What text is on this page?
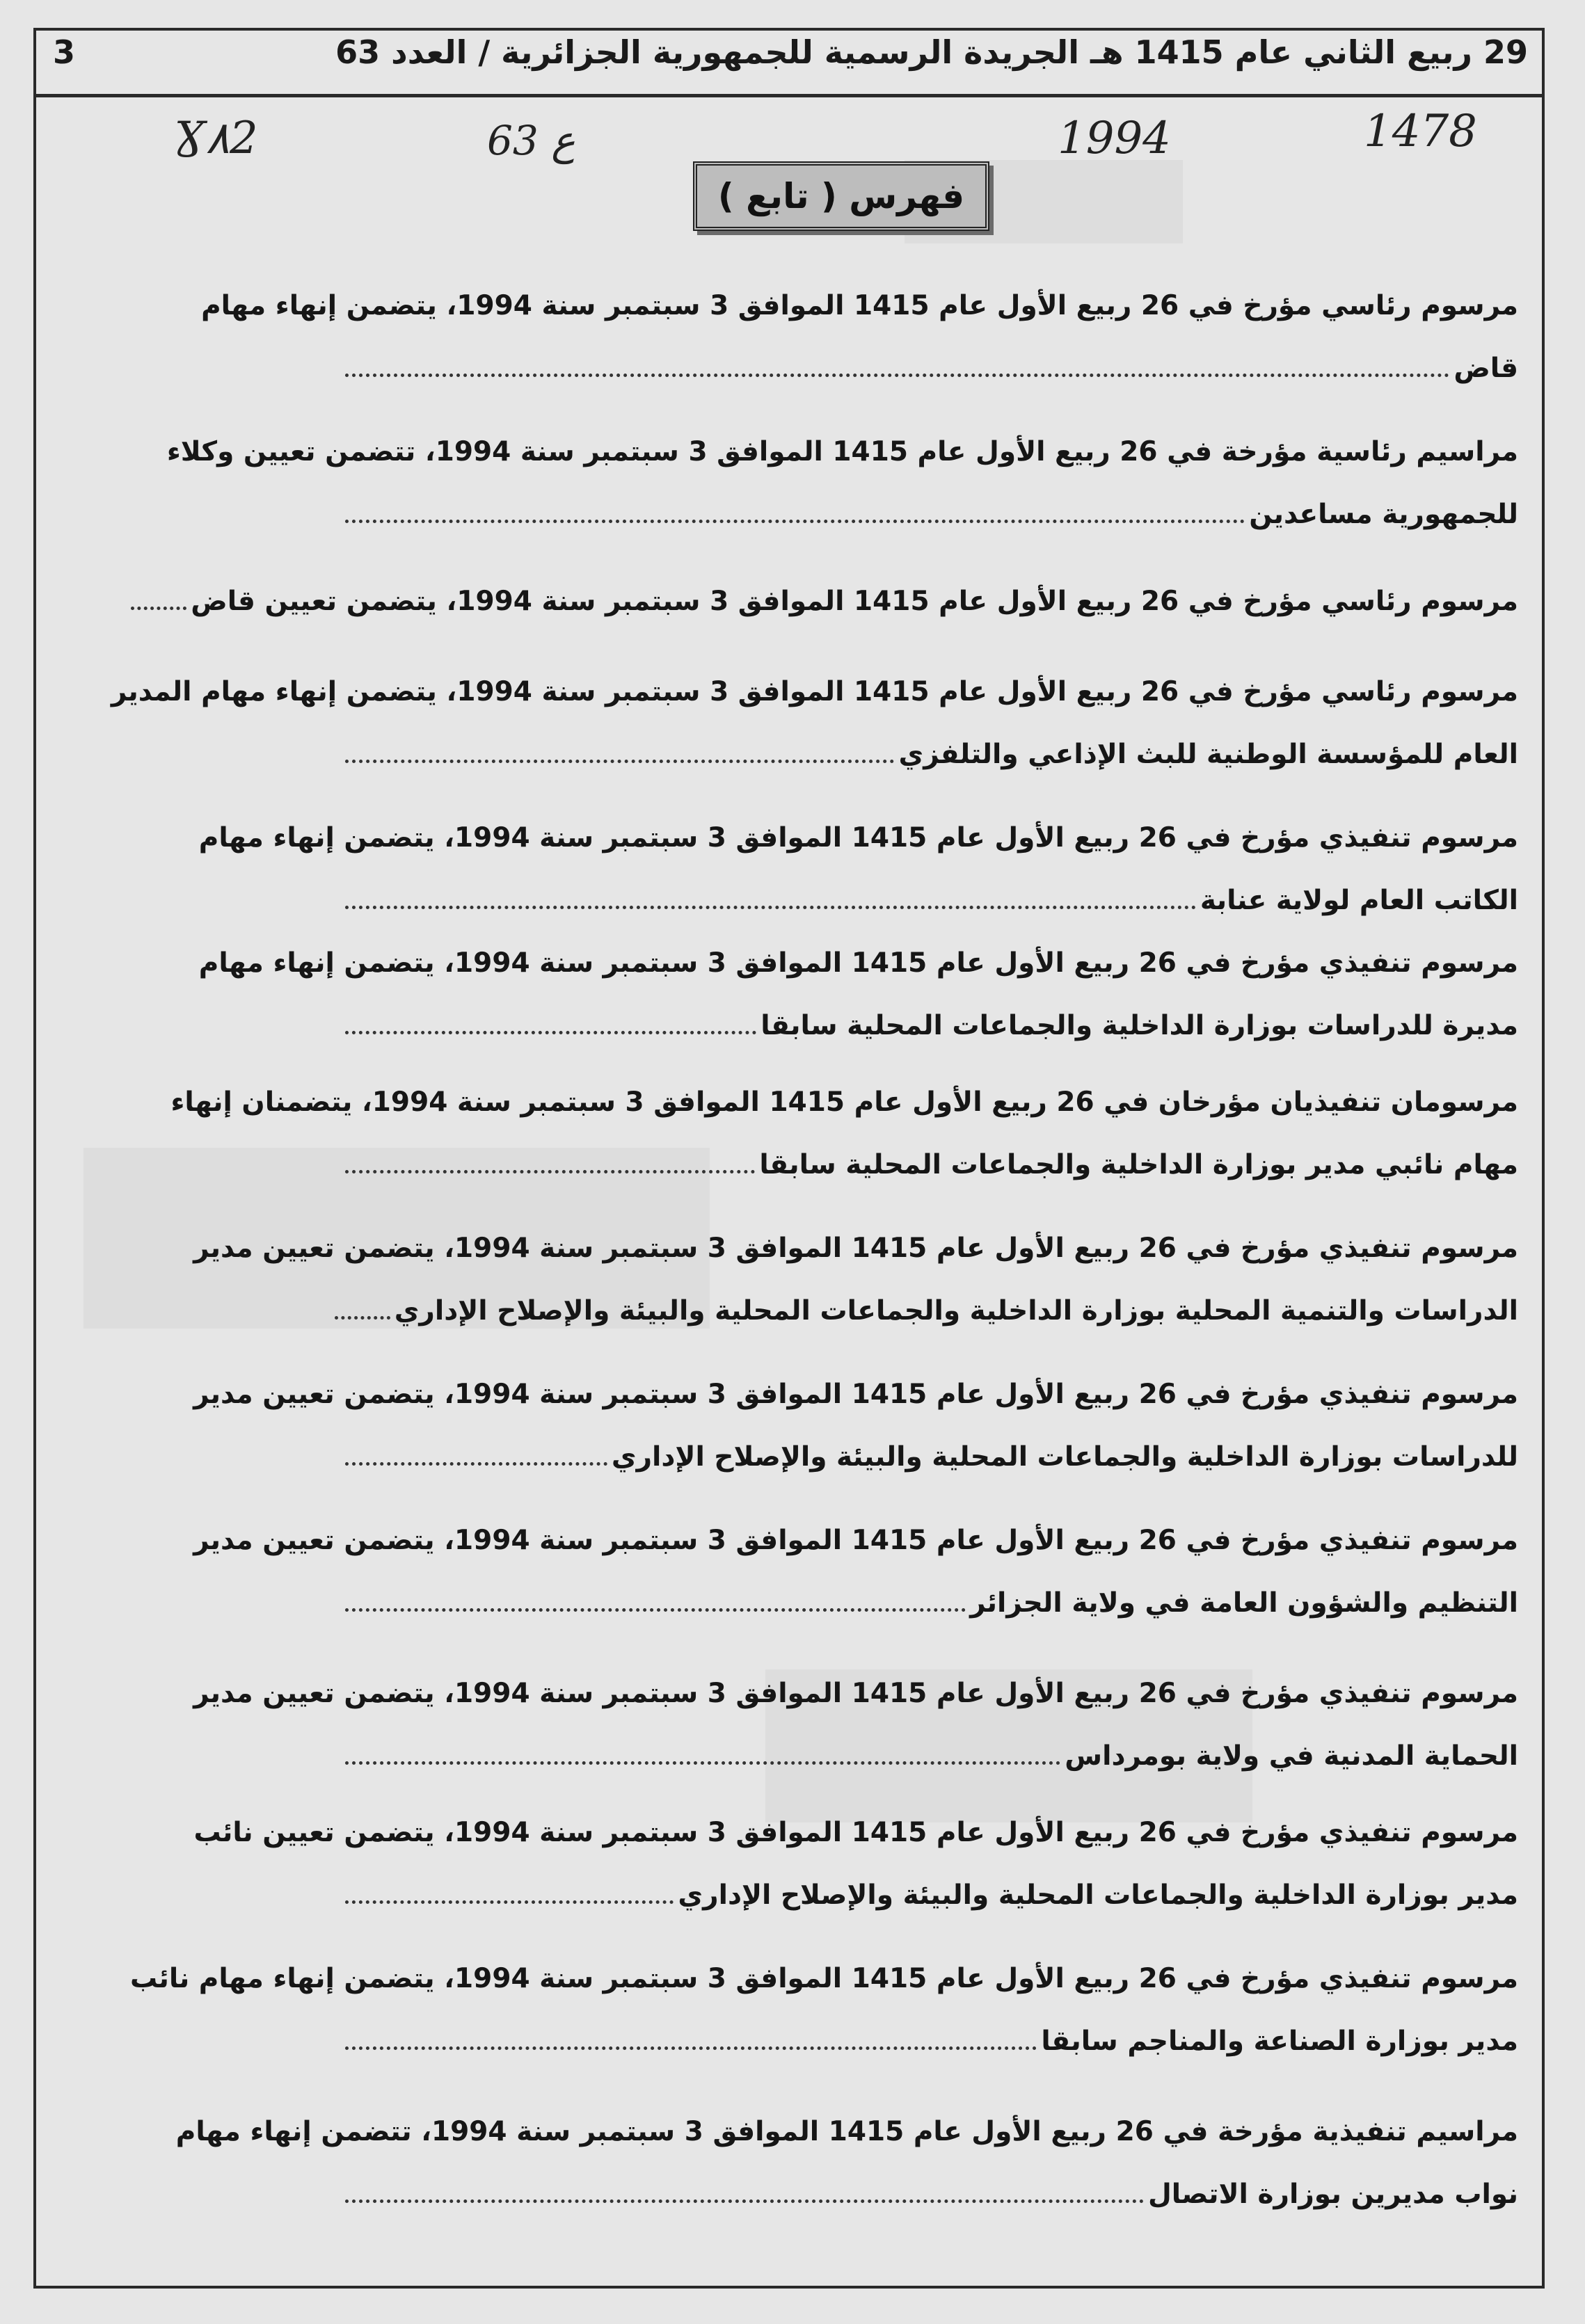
29 ربيع الثاني عام 1415 هـ الجريدة الرسمية للجمهورية الجزائرية / العدد 63
3
Ɣ٨2	63 ع	1994	1478
فهرس ( تابع )
مرسوم رئاسي مؤرخ في 26 ربيع الأول عام 1415 الموافق 3 سبتمبر سنة 1994، يتضمن إنهاء مهام
قاض
مراسيم رئاسية مؤرخة في 26 ربيع الأول عام 1415 الموافق 3 سبتمبر سنة 1994، تتضمن تعيين وكلاء
للجمهورية مساعدين
مرسوم رئاسي مؤرخ في 26 ربيع الأول عام 1415 الموافق 3 سبتمبر سنة 1994، يتضمن تعيين قاض
مرسوم رئاسي مؤرخ في 26 ربيع الأول عام 1415 الموافق 3 سبتمبر سنة 1994، يتضمن إنهاء مهام المدير
العام للمؤسسة الوطنية للبث الإذاعي والتلفزي
مرسوم تنفيذي مؤرخ في 26 ربيع الأول عام 1415 الموافق 3 سبتمبر سنة 1994، يتضمن إنهاء مهام
الكاتب العام لولاية عنابة
مرسوم تنفيذي مؤرخ في 26 ربيع الأول عام 1415 الموافق 3 سبتمبر سنة 1994، يتضمن إنهاء مهام
مديرة للدراسات بوزارة الداخلية والجماعات المحلية سابقا
مرسومان تنفيذيان مؤرخان في 26 ربيع الأول عام 1415 الموافق 3 سبتمبر سنة 1994، يتضمنان إنهاء
مهام نائبي مدير بوزارة الداخلية والجماعات المحلية سابقا
مرسوم تنفيذي مؤرخ في 26 ربيع الأول عام 1415 الموافق 3 سبتمبر سنة 1994، يتضمن تعيين مدير
الدراسات والتنمية المحلية بوزارة الداخلية والجماعات المحلية والبيئة والإصلاح الإداري
مرسوم تنفيذي مؤرخ في 26 ربيع الأول عام 1415 الموافق 3 سبتمبر سنة 1994، يتضمن تعيين مدير
للدراسات بوزارة الداخلية والجماعات المحلية والبيئة والإصلاح الإداري
مرسوم تنفيذي مؤرخ في 26 ربيع الأول عام 1415 الموافق 3 سبتمبر سنة 1994، يتضمن تعيين مدير
التنظيم والشؤون العامة في ولاية الجزائر
مرسوم تنفيذي مؤرخ في 26 ربيع الأول عام 1415 الموافق 3 سبتمبر سنة 1994، يتضمن تعيين مدير
الحماية المدنية في ولاية بومرداس
مرسوم تنفيذي مؤرخ في 26 ربيع الأول عام 1415 الموافق 3 سبتمبر سنة 1994، يتضمن تعيين نائب
مدير بوزارة الداخلية والجماعات المحلية والبيئة والإصلاح الإداري
مرسوم تنفيذي مؤرخ في 26 ربيع الأول عام 1415 الموافق 3 سبتمبر سنة 1994، يتضمن إنهاء مهام نائب
مدير بوزارة الصناعة والمناجم سابقا
مراسيم تنفيذية مؤرخة في 26 ربيع الأول عام 1415 الموافق 3 سبتمبر سنة 1994، تتضمن إنهاء مهام
نواب مديرين بوزارة الاتصال
